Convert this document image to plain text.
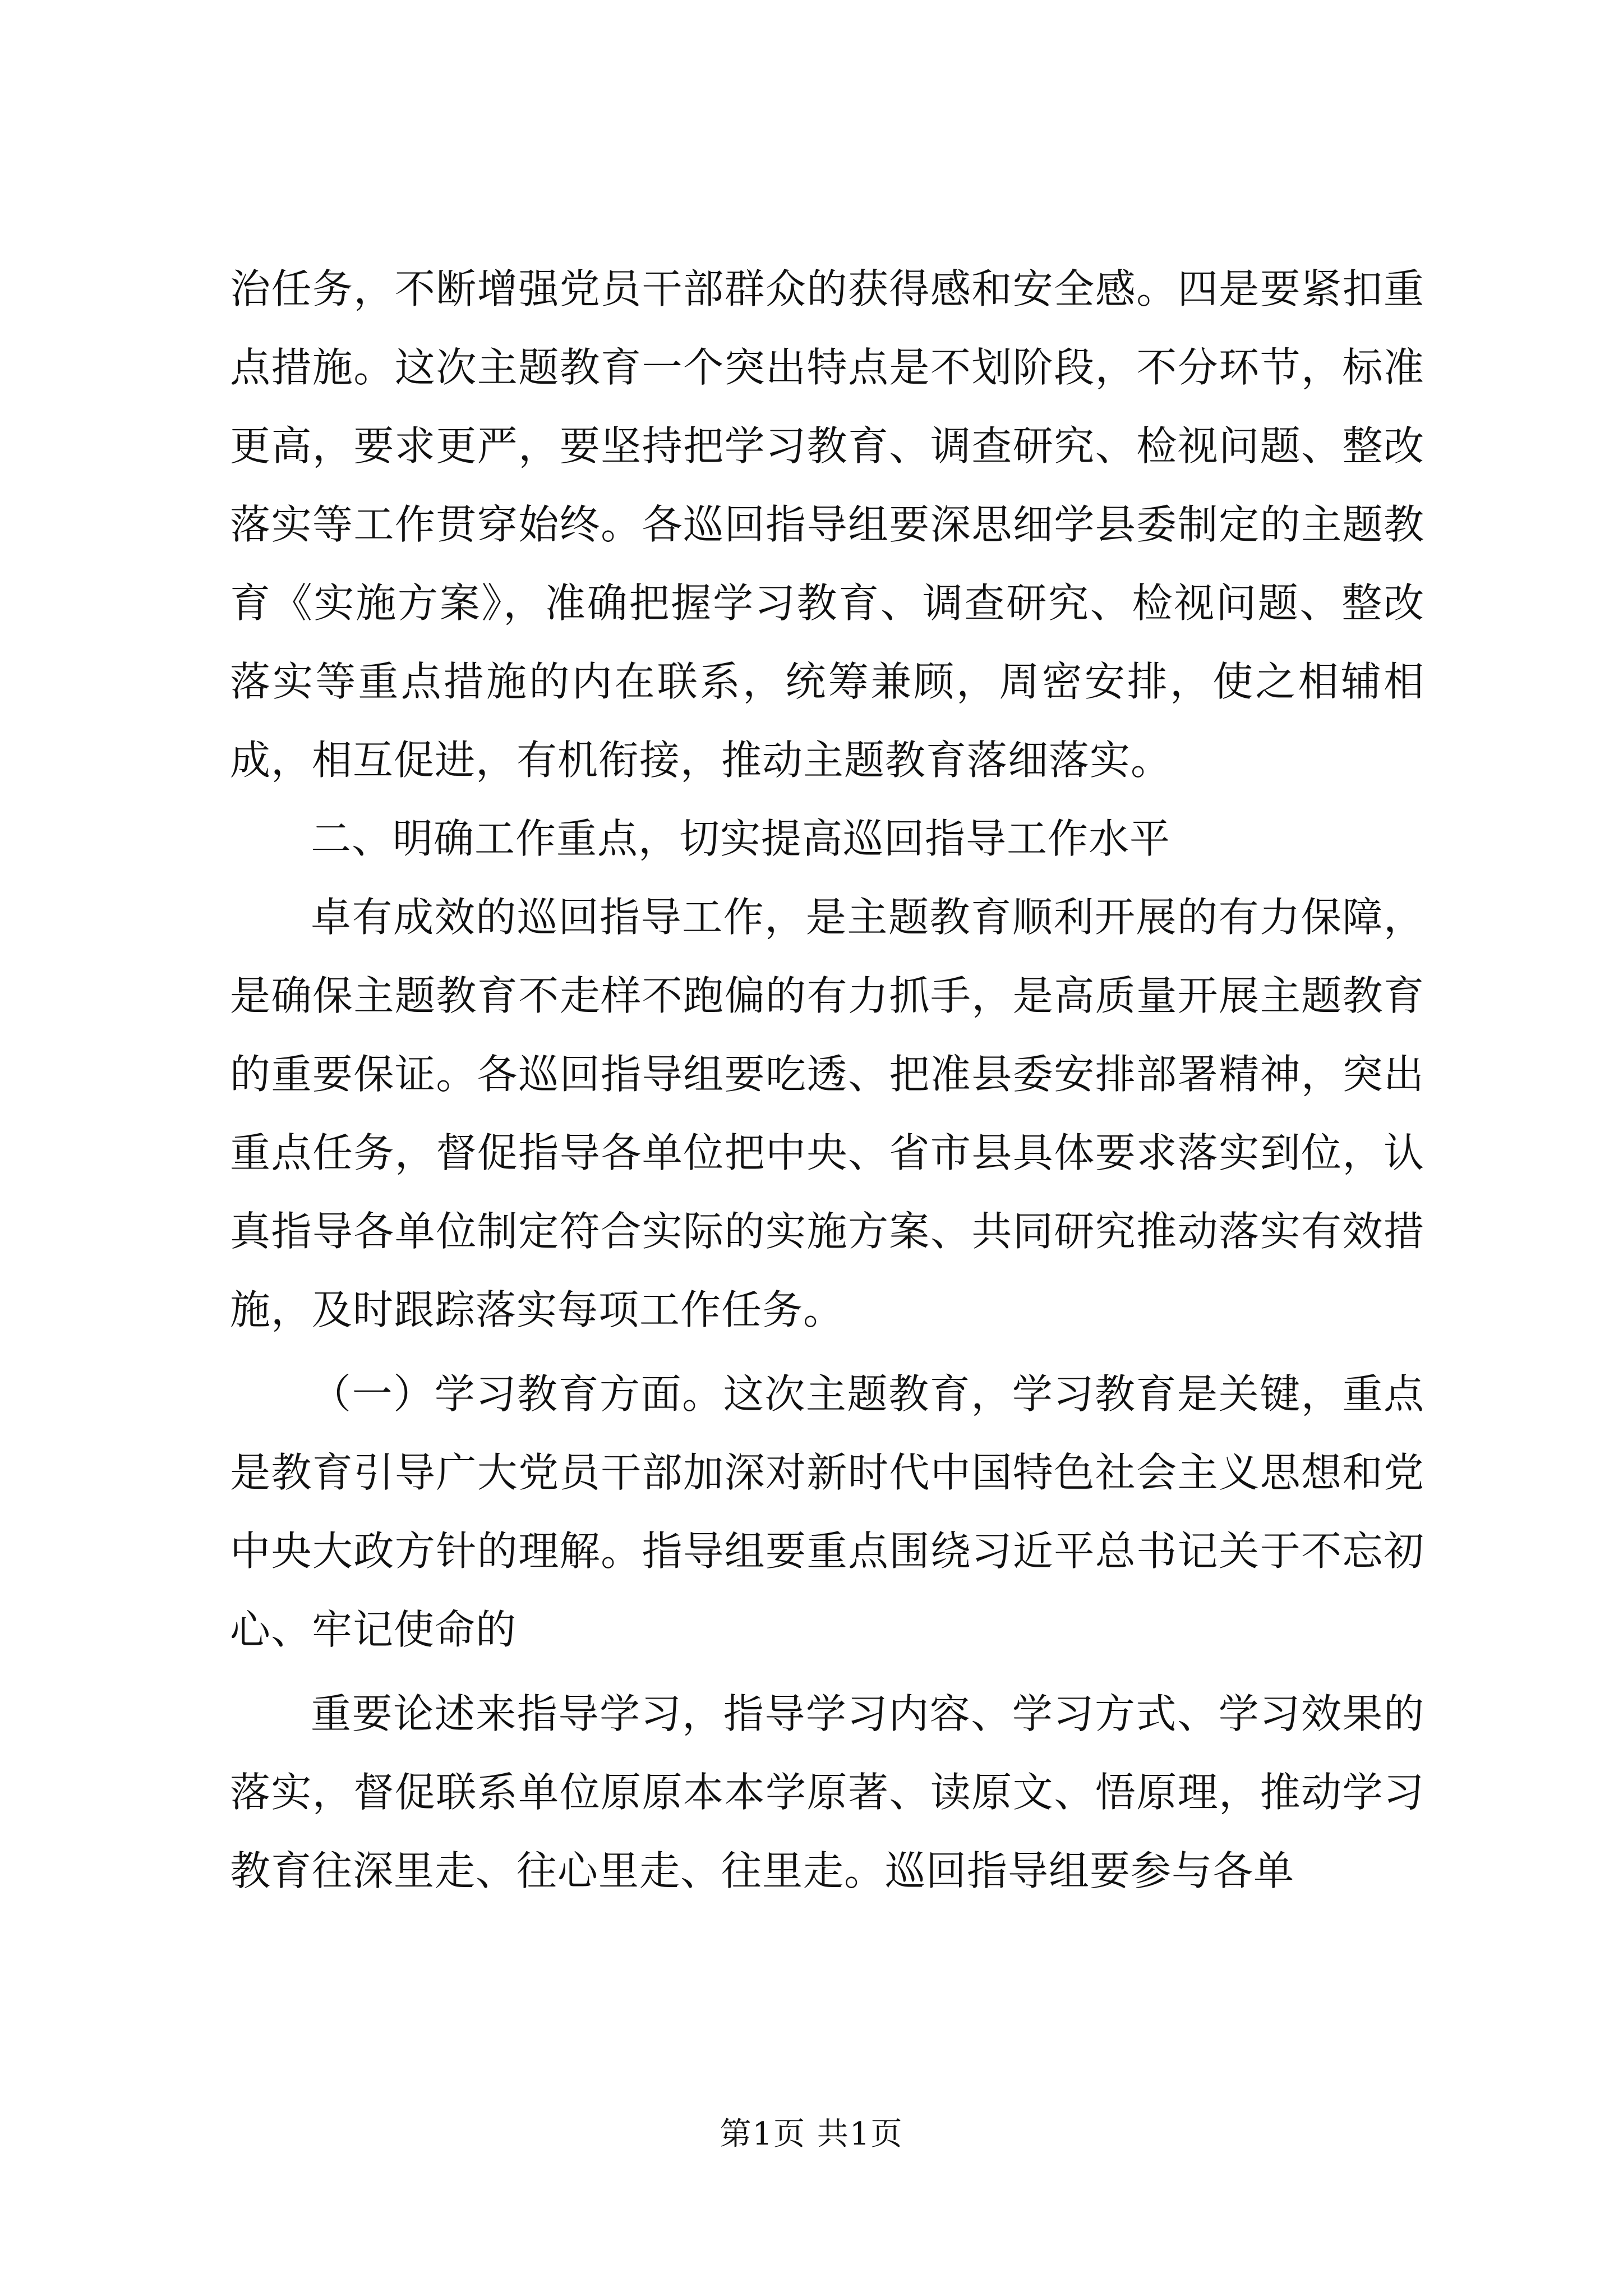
治任务，不断增强党员干部群众的获得感和安全感。四是要紧扣重点措施。这次主题教育一个突出特点是不划阶段，不分环节，标准更高，要求更严，要坚持把学习教育、调查研究、检视问题、整改落实等工作贯穿始终。各巡回指导组要深思细学县委制定的主题教育《实施方案》，准确把握学习教育、调查研究、检视问题、整改落实等重点措施的内在联系，统筹兼顾，周密安排，使之相辅相成，相互促进，有机衔接，推动主题教育落细落实。

二、明确工作重点，切实提高巡回指导工作水平

卓有成效的巡回指导工作，是主题教育顺利开展的有力保障，是确保主题教育不走样不跑偏的有力抓手，是高质量开展主题教育的重要保证。各巡回指导组要吃透、把准县委安排部署精神，突出重点任务，督促指导各单位把中央、省市县具体要求落实到位，认真指导各单位制定符合实际的实施方案、共同研究推动落实有效措施，及时跟踪落实每项工作任务。

（一）学习教育方面。这次主题教育，学习教育是关键，重点是教育引导广大党员干部加深对新时代中国特色社会主义思想和党中央大政方针的理解。指导组要重点围绕习近平总书记关于不忘初心、牢记使命的

重要论述来指导学习，指导学习内容、学习方式、学习效果的落实，督促联系单位原原本本学原著、读原文、悟原理，推动学习教育往深里走、往心里走、往里走。巡回指导组要参与各单

第1页 共1页
